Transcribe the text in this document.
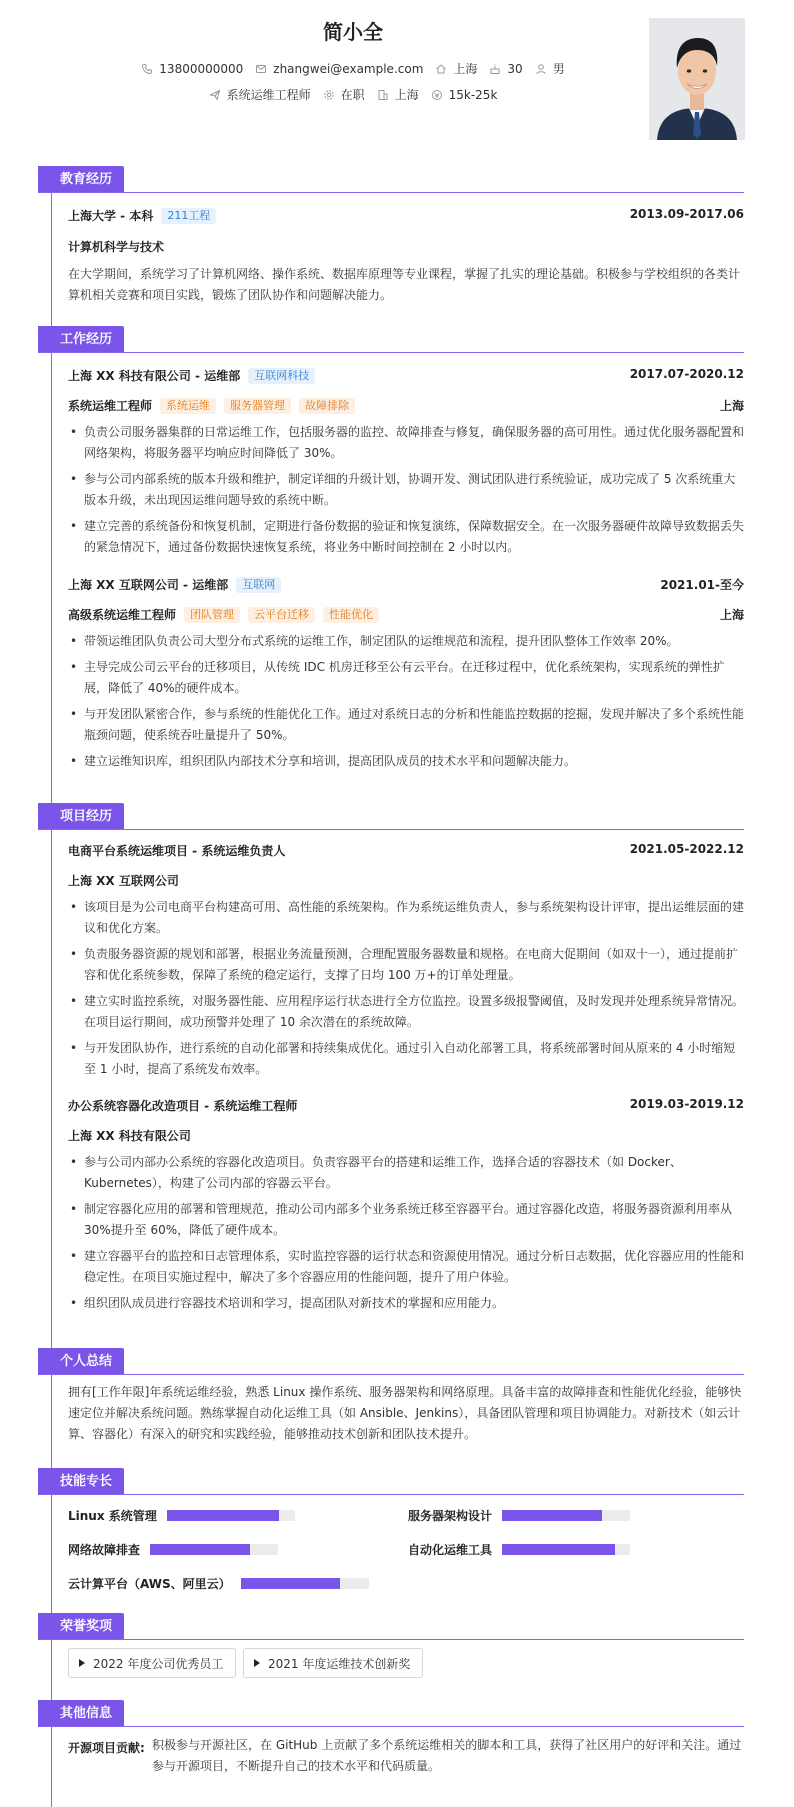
简小全
13800000000	zhangwei@example.com	上海	30	男
系统运维工程师	在职	上海	15k-25k
教育经历
上海大学 - 本科	211工程	2013.09-2017.06
计算机科学与技术
在大学期间，系统学习了计算机网络、操作系统、数据库原理等专业课程，掌握了扎实的理论基础。积极参与学校组织的各类计算机相关竞赛和项目实践，锻炼了团队协作和问题解决能力。
工作经历
上海 XX 科技有限公司 - 运维部	互联网科技	2017.07-2020.12
系统运维工程师	系统运维	服务器管理	故障排除	上海
• 负责公司服务器集群的日常运维工作，包括服务器的监控、故障排查与修复，确保服务器的高可用性。通过优化服务器配置和网络架构，将服务器平均响应时间降低了 30%。
• 参与公司内部系统的版本升级和维护，制定详细的升级计划，协调开发、测试团队进行系统验证，成功完成了 5 次系统重大版本升级，未出现因运维问题导致的系统中断。
• 建立完善的系统备份和恢复机制，定期进行备份数据的验证和恢复演练，保障数据安全。在一次服务器硬件故障导致数据丢失的紧急情况下，通过备份数据快速恢复系统，将业务中断时间控制在 2 小时以内。
上海 XX 互联网公司 - 运维部	互联网	2021.01-至今
高级系统运维工程师	团队管理	云平台迁移	性能优化	上海
• 带领运维团队负责公司大型分布式系统的运维工作，制定团队的运维规范和流程，提升团队整体工作效率 20%。
• 主导完成公司云平台的迁移项目，从传统 IDC 机房迁移至公有云平台。在迁移过程中，优化系统架构，实现系统的弹性扩展，降低了 40%的硬件成本。
• 与开发团队紧密合作，参与系统的性能优化工作。通过对系统日志的分析和性能监控数据的挖掘，发现并解决了多个系统性能瓶颈问题，使系统吞吐量提升了 50%。
• 建立运维知识库，组织团队内部技术分享和培训，提高团队成员的技术水平和问题解决能力。
项目经历
电商平台系统运维项目 - 系统运维负责人	2021.05-2022.12
上海 XX 互联网公司
• 该项目是为公司电商平台构建高可用、高性能的系统架构。作为系统运维负责人，参与系统架构设计评审，提出运维层面的建议和优化方案。
• 负责服务器资源的规划和部署，根据业务流量预测，合理配置服务器数量和规格。在电商大促期间（如双十一），通过提前扩容和优化系统参数，保障了系统的稳定运行，支撑了日均 100 万+的订单处理量。
• 建立实时监控系统，对服务器性能、应用程序运行状态进行全方位监控。设置多级报警阈值，及时发现并处理系统异常情况。在项目运行期间，成功预警并处理了 10 余次潜在的系统故障。
• 与开发团队协作，进行系统的自动化部署和持续集成优化。通过引入自动化部署工具，将系统部署时间从原来的 4 小时缩短至 1 小时，提高了系统发布效率。
办公系统容器化改造项目 - 系统运维工程师	2019.03-2019.12
上海 XX 科技有限公司
• 参与公司内部办公系统的容器化改造项目。负责容器平台的搭建和运维工作，选择合适的容器技术（如 Docker、Kubernetes），构建了公司内部的容器云平台。
• 制定容器化应用的部署和管理规范，推动公司内部多个业务系统迁移至容器平台。通过容器化改造，将服务器资源利用率从 30%提升至 60%，降低了硬件成本。
• 建立容器平台的监控和日志管理体系，实时监控容器的运行状态和资源使用情况。通过分析日志数据，优化容器应用的性能和稳定性。在项目实施过程中，解决了多个容器应用的性能问题，提升了用户体验。
• 组织团队成员进行容器技术培训和学习，提高团队对新技术的掌握和应用能力。
个人总结
拥有[工作年限]年系统运维经验，熟悉 Linux 操作系统、服务器架构和网络原理。具备丰富的故障排查和性能优化经验，能够快速定位并解决系统问题。熟练掌握自动化运维工具（如 Ansible、Jenkins），具备团队管理和项目协调能力。对新技术（如云计算、容器化）有深入的研究和实践经验，能够推动技术创新和团队技术提升。
技能专长
Linux 系统管理	服务器架构设计
网络故障排查	自动化运维工具
云计算平台（AWS、阿里云）
荣誉奖项
2022 年度公司优秀员工	2021 年度运维技术创新奖
其他信息
开源项目贡献: 积极参与开源社区，在 GitHub 上贡献了多个系统运维相关的脚本和工具，获得了社区用户的好评和关注。通过参与开源项目，不断提升自己的技术水平和代码质量。
